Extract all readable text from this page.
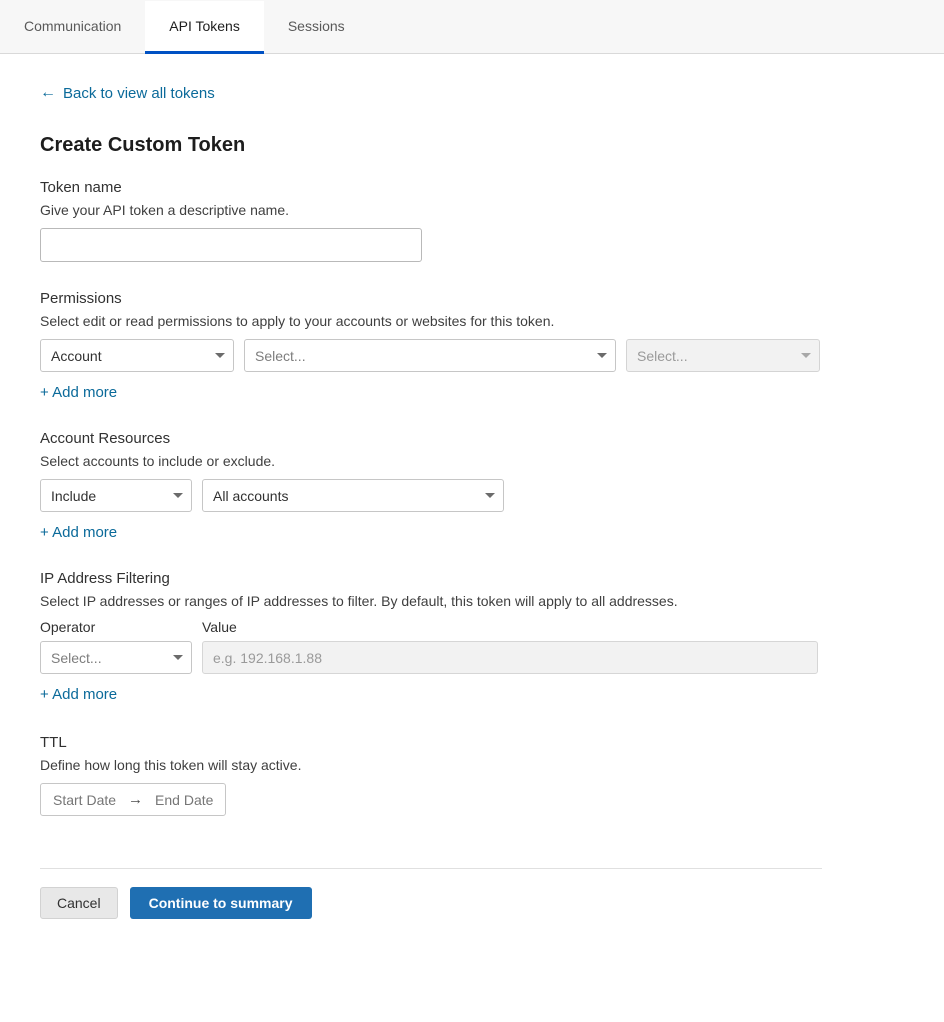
Communication	API Tokens	Sessions
← Back to view all tokens
Create Custom Token
Token name
Give your API token a descriptive name.
Permissions
Select edit or read permissions to apply to your accounts or websites for this token.
Account	Select...	Select...
+ Add more
Account Resources
Select accounts to include or exclude.
Include	All accounts
+ Add more
IP Address Filtering
Select IP addresses or ranges of IP addresses to filter. By default, this token will apply to all addresses.
Operator	Value
Select...
e.g. 192.168.1.88
+ Add more
TTL
Define how long this token will stay active.
Start Date → End Date
Cancel	Continue to summary
